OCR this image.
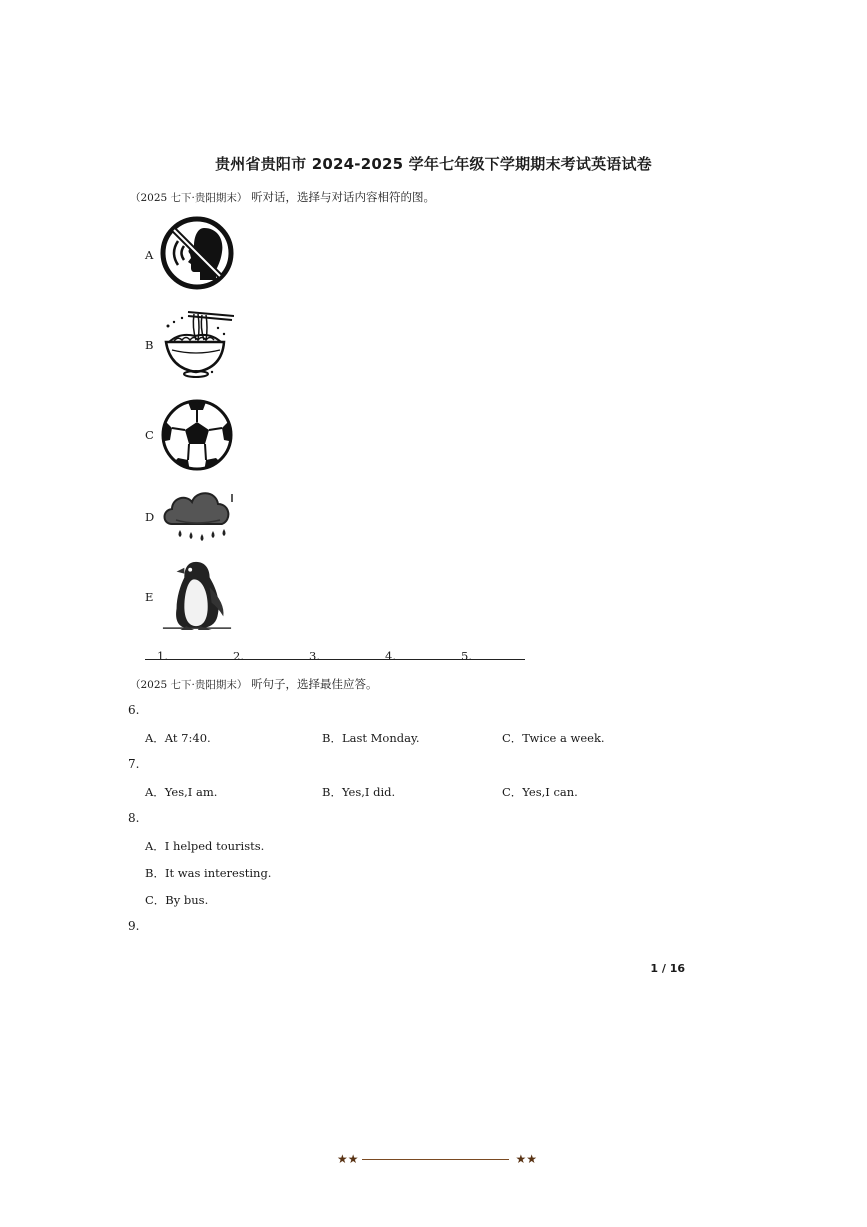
贵州省贵阳市 2024-2025 学年七年级下学期期末考试英语试卷
（2025 七下·贵阳期末） 听对话，选择与对话内容相符的图。
A
B
C
D
E
1.	2.	3.	4.	5.
（2025 七下·贵阳期末） 听句子，选择最佳应答。
6.
A．At 7:40.	B．Last Monday.	C．Twice a week.
7.
A．Yes,I am.	B．Yes,I did.	C．Yes,I can.
8.
A．I helped tourists.
B．It was interesting.
C．By bus.
9.
1 / 16
★★	★★
